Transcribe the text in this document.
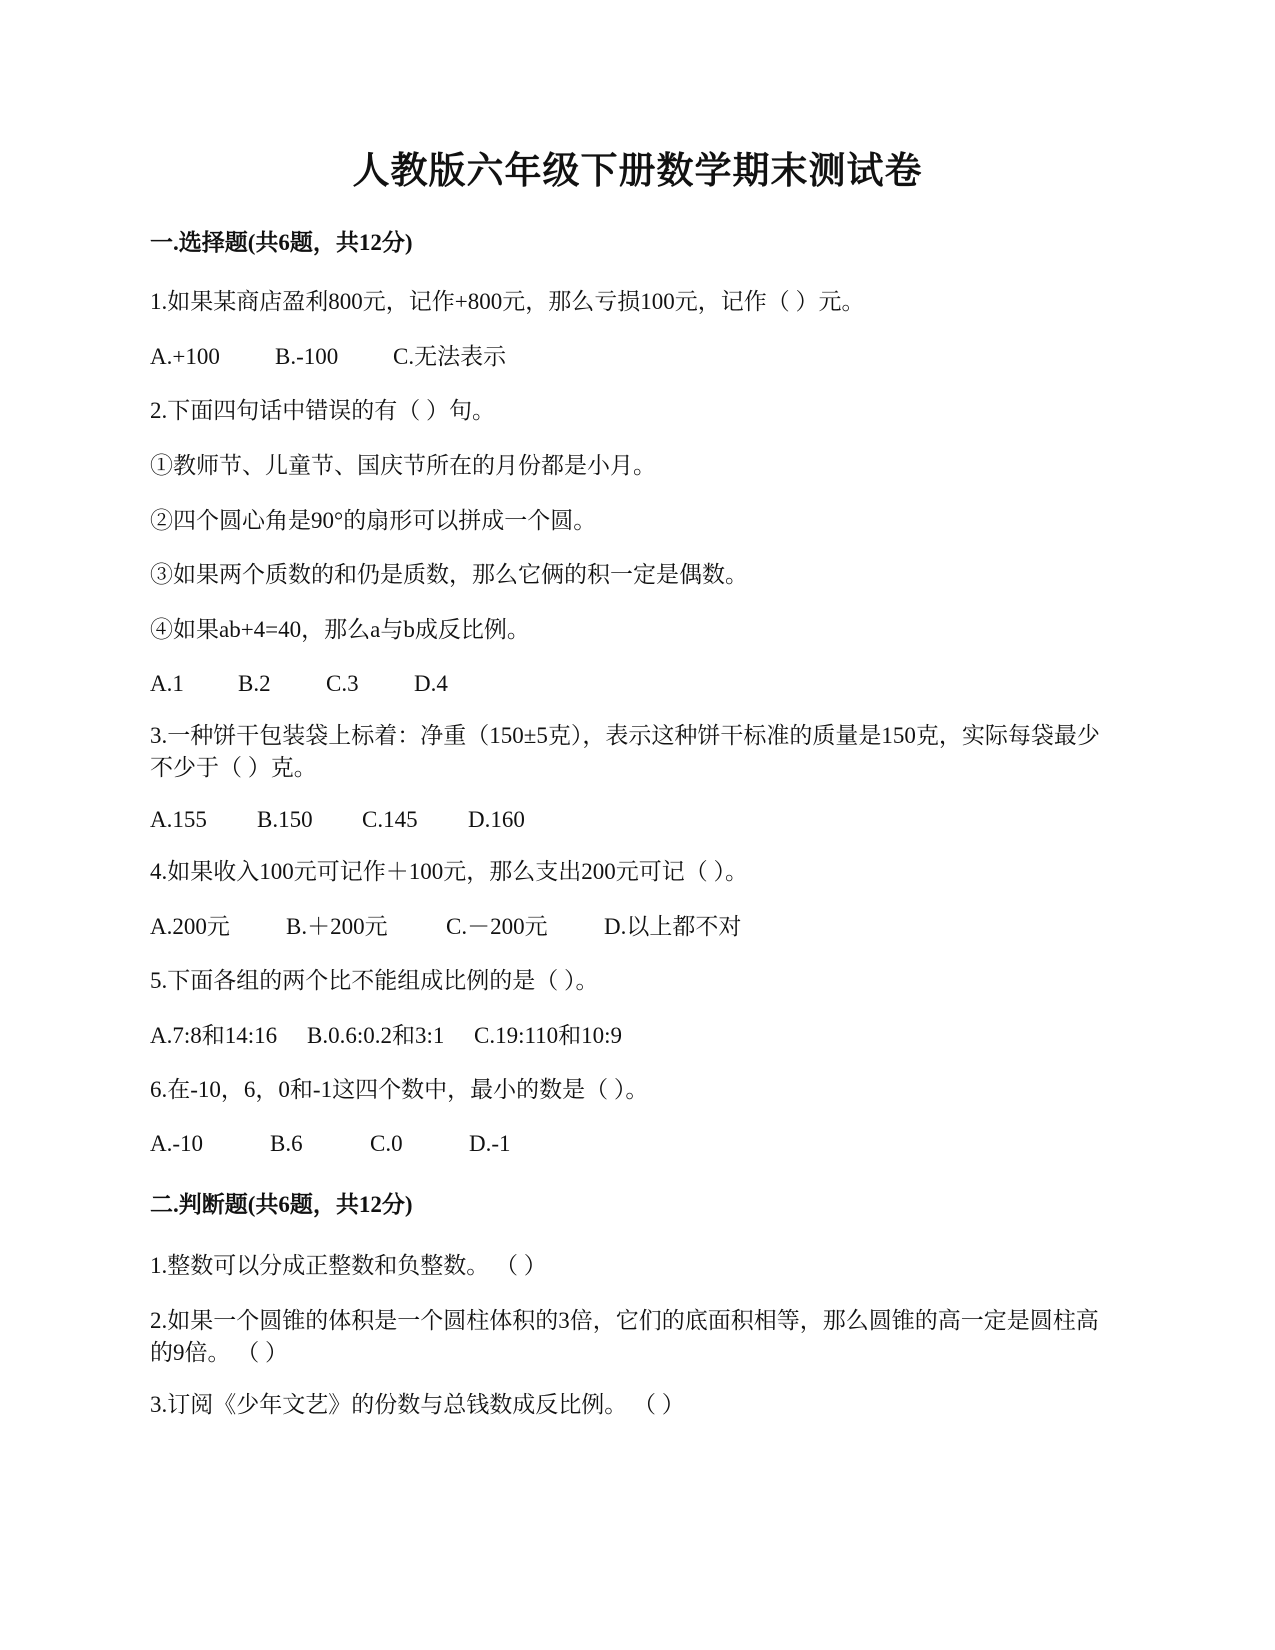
人教版六年级下册数学期末测试卷
一.选择题(共6题，共12分)
1.如果某商店盈利800元，记作+800元，那么亏损100元，记作（ ）元。
A.+100 B.-100 C.无法表示
2.下面四句话中错误的有（ ）句。
①教师节、儿童节、国庆节所在的月份都是小月。
②四个圆心角是90°的扇形可以拼成一个圆。
③如果两个质数的和仍是质数，那么它俩的积一定是偶数。
④如果ab+4=40，那么a与b成反比例。
A.1 B.2 C.3 D.4
3.一种饼干包装袋上标着：净重（150±5克），表示这种饼干标准的质量是150克，实际每袋最少不少于（ ）克。
A.155 B.150 C.145 D.160
4.如果收入100元可记作＋100元，那么支出200元可记（ ）。
A.200元 B.＋200元	C.－200元 D.以上都不对
5.下面各组的两个比不能组成比例的是（ ）。
A.7:8和14:16 B.0.6:0.2和3:1 C.19:110和10:9
6.在-10，6，0和-1这四个数中，最小的数是（ ）。
A.-10	B.6	C.0	D.-1
二.判断题(共6题，共12分)
1.整数可以分成正整数和负整数。 （ ）
2.如果一个圆锥的体积是一个圆柱体积的3倍，它们的底面积相等，那么圆锥的高一定是圆柱高的9倍。 （ ）
3.订阅《少年文艺》的份数与总钱数成反比例。 （ ）
